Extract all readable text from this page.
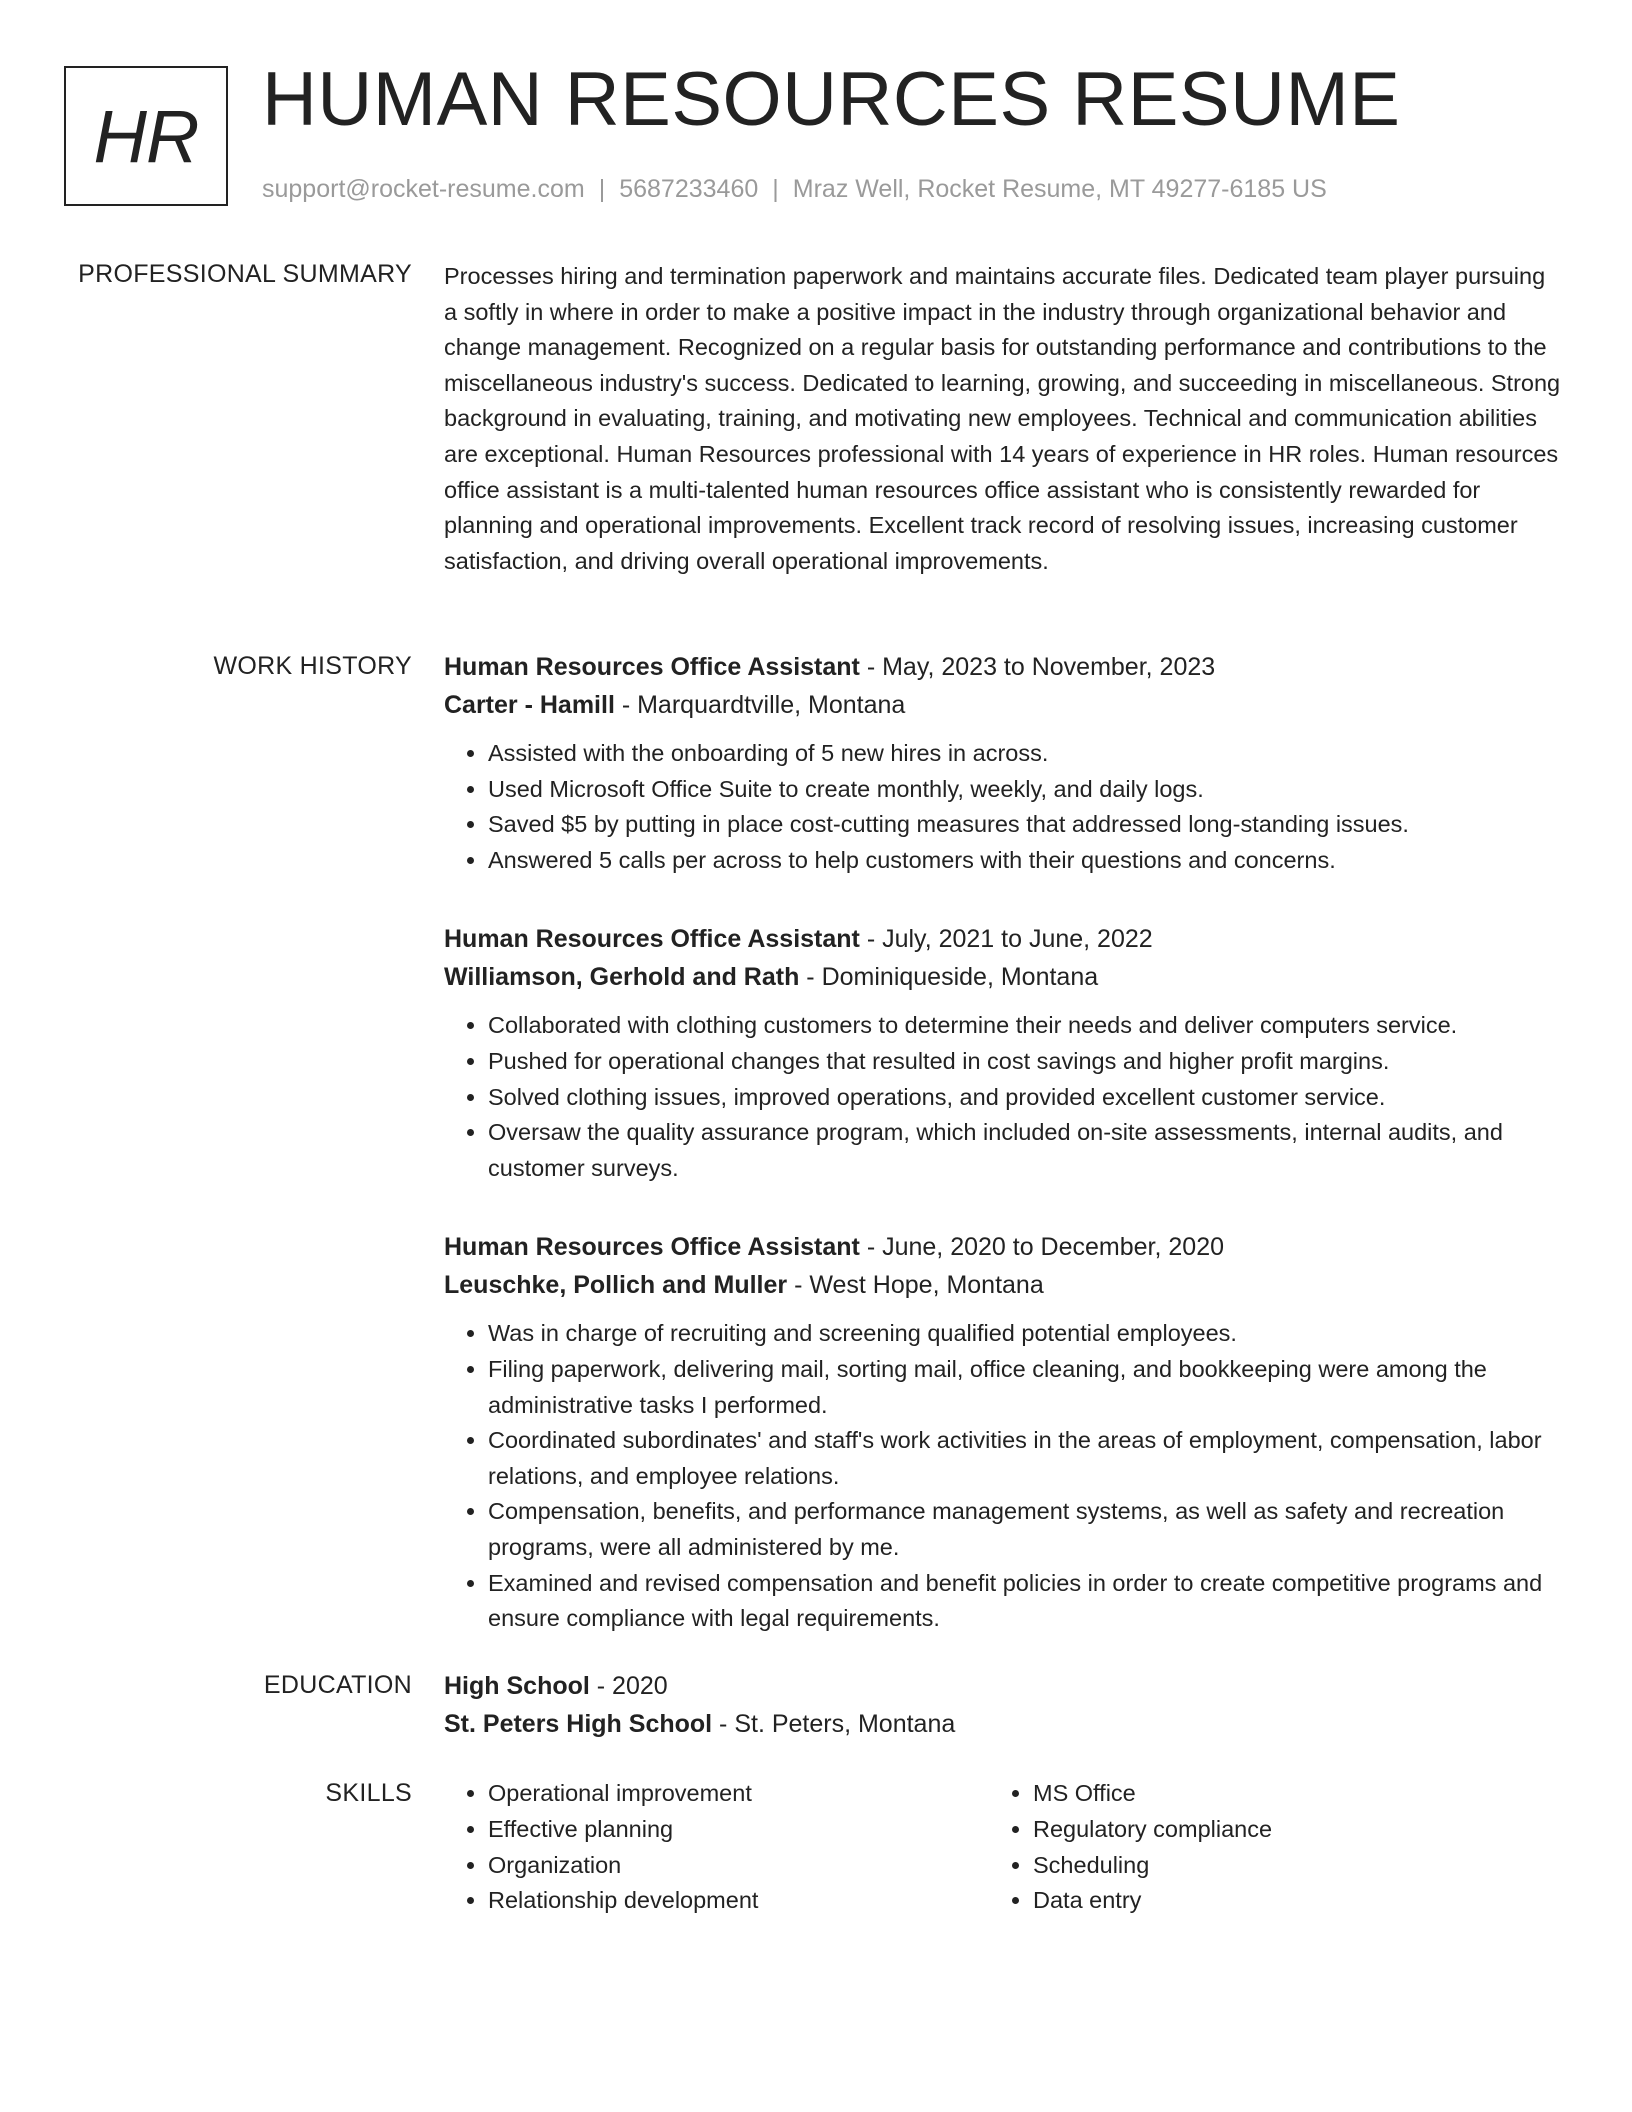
HR HUMAN RESOURCES RESUME
support@rocket-resume.com | 5687233460 | Mraz Well, Rocket Resume, MT 49277-6185 US
PROFESSIONAL SUMMARY Processes hiring and termination paperwork and maintains accurate files. Dedicated team player pursuing a softly in where in order to make a positive impact in the industry through organizational behavior and change management. Recognized on a regular basis for outstanding performance and contributions to the miscellaneous industry's success. Dedicated to learning, growing, and succeeding in miscellaneous. Strong background in evaluating, training, and motivating new employees. Technical and communication abilities are exceptional. Human Resources professional with 14 years of experience in HR roles. Human resources office assistant is a multi-talented human resources office assistant who is consistently rewarded for planning and operational improvements. Excellent track record of resolving issues, increasing customer satisfaction, and driving overall operational improvements.

WORK HISTORY Human Resources Office Assistant - May, 2023 to November, 2023
Carter - Hamill - Marquardtville, Montana
• Assisted with the onboarding of 5 new hires in across.
• Used Microsoft Office Suite to create monthly, weekly, and daily logs.
• Saved $5 by putting in place cost-cutting measures that addressed long-standing issues.
• Answered 5 calls per across to help customers with their questions and concerns.
Human Resources Office Assistant - July, 2021 to June, 2022
Williamson, Gerhold and Rath - Dominiqueside, Montana
• Collaborated with clothing customers to determine their needs and deliver computers service.
• Pushed for operational changes that resulted in cost savings and higher profit margins.
• Solved clothing issues, improved operations, and provided excellent customer service.
• Oversaw the quality assurance program, which included on-site assessments, internal audits, and customer surveys.
Human Resources Office Assistant - June, 2020 to December, 2020
Leuschke, Pollich and Muller - West Hope, Montana
• Was in charge of recruiting and screening qualified potential employees.
• Filing paperwork, delivering mail, sorting mail, office cleaning, and bookkeeping were among the administrative tasks I performed.
• Coordinated subordinates' and staff's work activities in the areas of employment, compensation, labor relations, and employee relations.
• Compensation, benefits, and performance management systems, as well as safety and recreation programs, were all administered by me.
• Examined and revised compensation and benefit policies in order to create competitive programs and ensure compliance with legal requirements.
EDUCATION High School - 2020
St. Peters High School - St. Peters, Montana
SKILLS
•	Operational improvement
• Effective planning
• Organization
• Relationship development
• MS Office
• Regulatory compliance
• Scheduling
• Data entry
